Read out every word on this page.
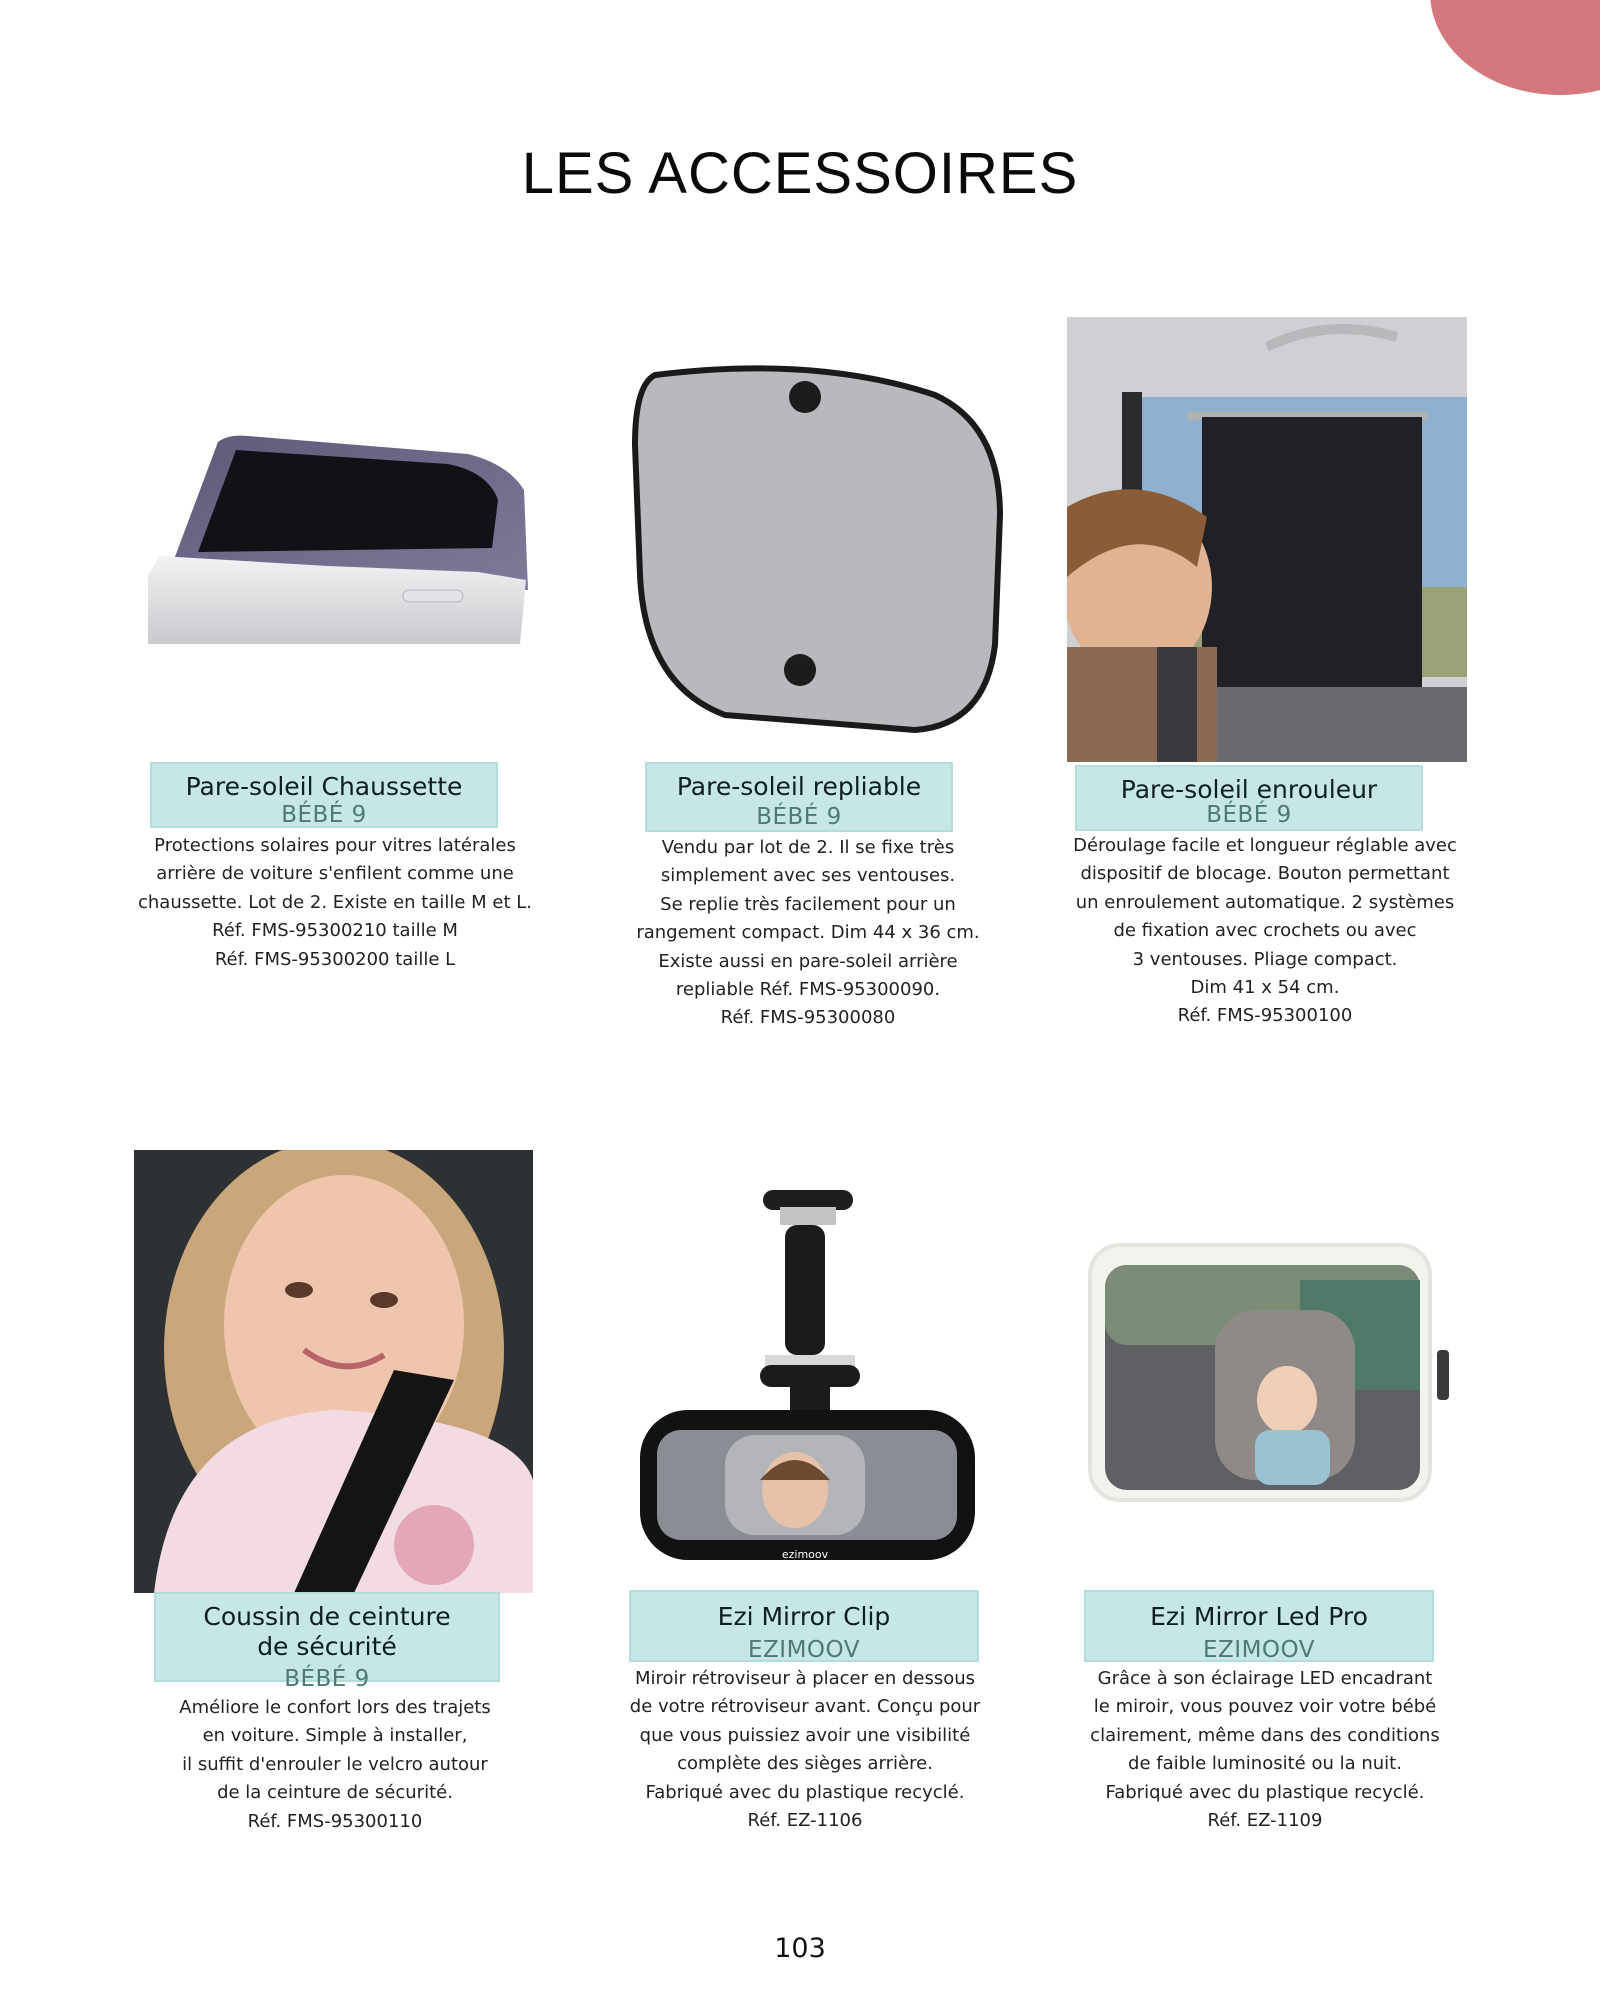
LES ACCESSOIRES
Pare-soleil Chaussette
BÉBÉ 9
Protections solaires pour vitres latérales
arrière de voiture s'enfilent comme une
chaussette. Lot de 2. Existe en taille M et L.
Réf. FMS-95300210 taille M
Réf. FMS-95300200 taille L
Pare-soleil repliable
BÉBÉ 9
Vendu par lot de 2. Il se fixe très
simplement avec ses ventouses.
Se replie très facilement pour un
rangement compact. Dim 44 x 36 cm.
Existe aussi en pare-soleil arrière
repliable Réf. FMS-95300090.
Réf. FMS-95300080
Pare-soleil enrouleur
BÉBÉ 9
Déroulage facile et longueur réglable avec
dispositif de blocage. Bouton permettant
un enroulement automatique. 2 systèmes
de fixation avec crochets ou avec
3 ventouses. Pliage compact.
Dim 41 x 54 cm.
Réf. FMS-95300100
Coussin de ceinture
de sécurité
BÉBÉ 9
Améliore le confort lors des trajets
en voiture. Simple à installer,
il suffit d'enrouler le velcro autour
de la ceinture de sécurité.
Réf. FMS-95300110
ezimoov
Ezi Mirror Clip
EZIMOOV
Miroir rétroviseur à placer en dessous
de votre rétroviseur avant. Conçu pour
que vous puissiez avoir une visibilité
complète des sièges arrière.
Fabriqué avec du plastique recyclé.
Réf. EZ-1106
Ezi Mirror Led Pro
EZIMOOV
Grâce à son éclairage LED encadrant
le miroir, vous pouvez voir votre bébé
clairement, même dans des conditions
de faible luminosité ou la nuit.
Fabriqué avec du plastique recyclé.
Réf. EZ-1109
103
